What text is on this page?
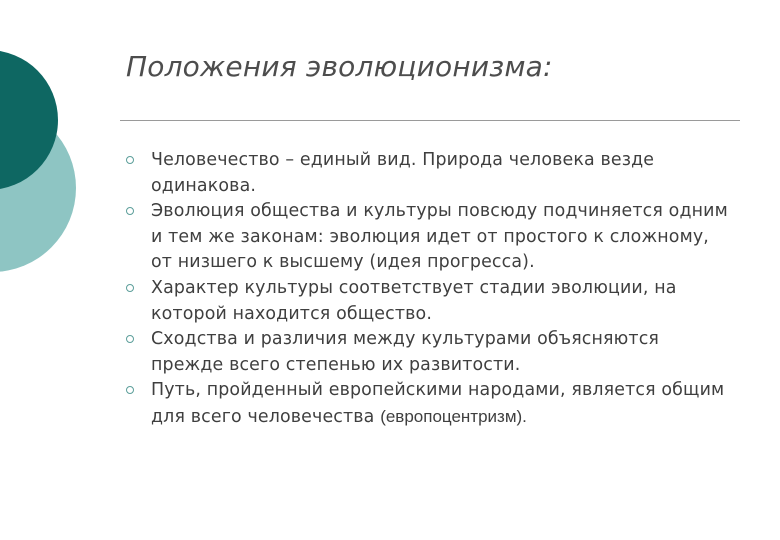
Положения эволюционизма:
Человечество – единый вид. Природа человека везде одинакова.
Эволюция общества и культуры повсюду подчиняется одним и тем же законам: эволюция идет от простого к сложному, от низшего к высшему (идея прогресса).
Характер культуры соответствует стадии эволюции, на которой находится общество.
Сходства и различия между культурами объясняются прежде всего степенью их развитости.
Путь, пройденный европейскими народами, является общим для всего человечества (европоцентризм).
